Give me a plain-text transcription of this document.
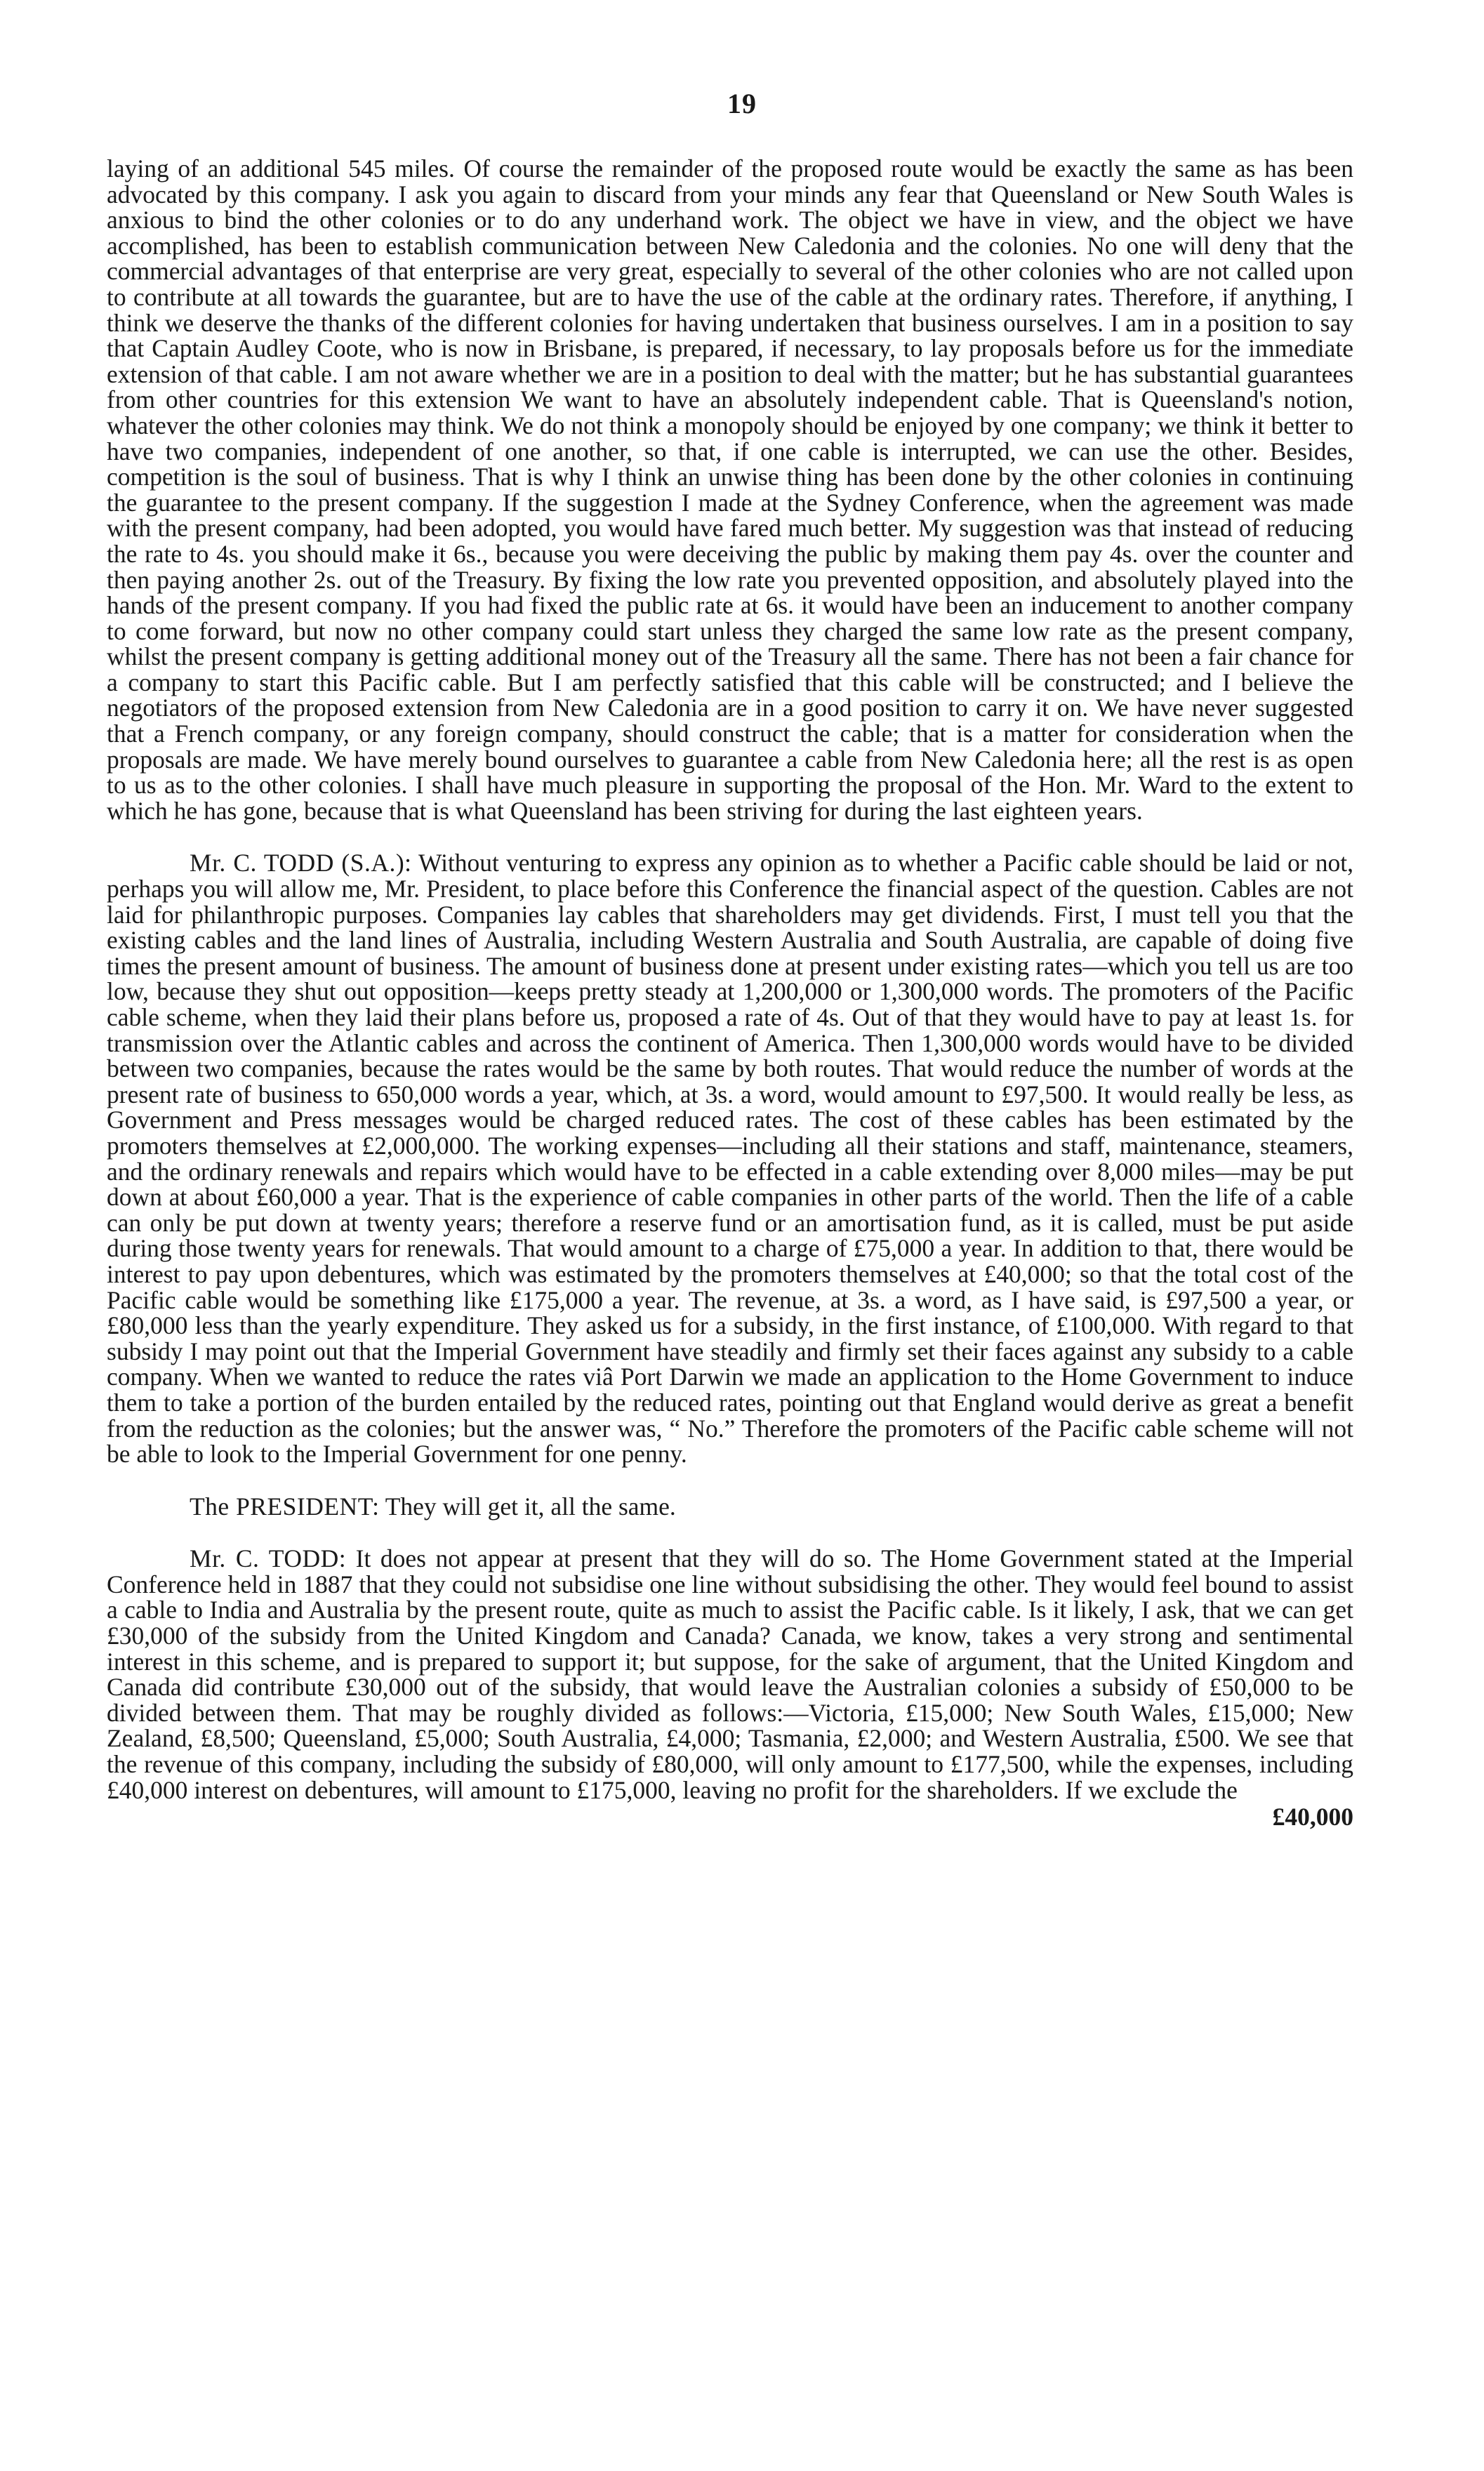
19

laying of an additional 545 miles. Of course the remainder of the proposed route would be exactly the same as has been advocated by this company. I ask you again to discard from your minds any fear that Queensland or New South Wales is anxious to bind the other colonies or to do any underhand work. The object we have in view, and the object we have accomplished, has been to establish communication between New Caledonia and the colonies. No one will deny that the commercial advantages of that enterprise are very great, especially to several of the other colonies who are not called upon to contribute at all towards the guarantee, but are to have the use of the cable at the ordinary rates. Therefore, if anything, I think we deserve the thanks of the different colonies for having undertaken that business ourselves. I am in a position to say that Captain Audley Coote, who is now in Brisbane, is prepared, if necessary, to lay proposals before us for the immediate extension of that cable. I am not aware whether we are in a position to deal with the matter; but he has substantial guarantees from other countries for this extension We want to have an absolutely independent cable. That is Queensland's notion, whatever the other colonies may think. We do not think a monopoly should be enjoyed by one company; we think it better to have two companies, independent of one another, so that, if one cable is interrupted, we can use the other. Besides, competition is the soul of business. That is why I think an unwise thing has been done by the other colonies in continuing the guarantee to the present company. If the suggestion I made at the Sydney Conference, when the agreement was made with the present company, had been adopted, you would have fared much better. My suggestion was that instead of reducing the rate to 4s. you should make it 6s., because you were deceiving the public by making them pay 4s. over the counter and then paying another 2s. out of the Treasury. By fixing the low rate you prevented opposition, and absolutely played into the hands of the present company. If you had fixed the public rate at 6s. it would have been an inducement to another company to come forward, but now no other company could start unless they charged the same low rate as the present company, whilst the present company is getting additional money out of the Treasury all the same. There has not been a fair chance for a company to start this Pacific cable. But I am perfectly satisfied that this cable will be constructed; and I believe the negotiators of the proposed extension from New Caledonia are in a good position to carry it on. We have never suggested that a French company, or any foreign company, should construct the cable; that is a matter for consideration when the proposals are made. We have merely bound ourselves to guarantee a cable from New Caledonia here; all the rest is as open to us as to the other colonies. I shall have much pleasure in supporting the proposal of the Hon. Mr. Ward to the extent to which he has gone, because that is what Queensland has been striving for during the last eighteen years.

Mr. C. TODD (S.A.): Without venturing to express any opinion as to whether a Pacific cable should be laid or not, perhaps you will allow me, Mr. President, to place before this Conference the financial aspect of the question. Cables are not laid for philanthropic purposes. Companies lay cables that shareholders may get dividends. First, I must tell you that the existing cables and the land lines of Australia, including Western Australia and South Australia, are capable of doing five times the present amount of business. The amount of business done at present under existing rates—which you tell us are too low, because they shut out opposition—keeps pretty steady at 1,200,000 or 1,300,000 words. The promoters of the Pacific cable scheme, when they laid their plans before us, proposed a rate of 4s. Out of that they would have to pay at least 1s. for transmission over the Atlantic cables and across the continent of America. Then 1,300,000 words would have to be divided between two companies, because the rates would be the same by both routes. That would reduce the number of words at the present rate of business to 650,000 words a year, which, at 3s. a word, would amount to £97,500. It would really be less, as Government and Press messages would be charged reduced rates. The cost of these cables has been estimated by the promoters themselves at £2,000,000. The working expenses—including all their stations and staff, maintenance, steamers, and the ordinary renewals and repairs which would have to be effected in a cable extending over 8,000 miles—may be put down at about £60,000 a year. That is the experience of cable companies in other parts of the world. Then the life of a cable can only be put down at twenty years; therefore a reserve fund or an amortisation fund, as it is called, must be put aside during those twenty years for renewals. That would amount to a charge of £75,000 a year. In addition to that, there would be interest to pay upon debentures, which was estimated by the promoters themselves at £40,000; so that the total cost of the Pacific cable would be something like £175,000 a year. The revenue, at 3s. a word, as I have said, is £97,500 a year, or £80,000 less than the yearly expenditure. They asked us for a subsidy, in the first instance, of £100,000. With regard to that subsidy I may point out that the Imperial Government have steadily and firmly set their faces against any subsidy to a cable company. When we wanted to reduce the rates viâ Port Darwin we made an application to the Home Government to induce them to take a portion of the burden entailed by the reduced rates, pointing out that England would derive as great a benefit from the reduction as the colonies; but the answer was, “ No.” Therefore the promoters of the Pacific cable scheme will not be able to look to the Imperial Government for one penny.

The PRESIDENT: They will get it, all the same.

Mr. C. TODD: It does not appear at present that they will do so. The Home Government stated at the Imperial Conference held in 1887 that they could not subsidise one line without subsidising the other. They would feel bound to assist a cable to India and Australia by the present route, quite as much to assist the Pacific cable. Is it likely, I ask, that we can get £30,000 of the subsidy from the United Kingdom and Canada? Canada, we know, takes a very strong and sentimental interest in this scheme, and is prepared to support it; but suppose, for the sake of argument, that the United Kingdom and Canada did contribute £30,000 out of the subsidy, that would leave the Australian colonies a subsidy of £50,000 to be divided between them. That may be roughly divided as follows:—Victoria, £15,000; New South Wales, £15,000; New Zealand, £8,500; Queensland, £5,000; South Australia, £4,000; Tasmania, £2,000; and Western Australia, £500. We see that the revenue of this company, including the subsidy of £80,000, will only amount to £177,500, while the expenses, including £40,000 interest on debentures, will amount to £175,000, leaving no profit for the shareholders. If we exclude the

£40,000
